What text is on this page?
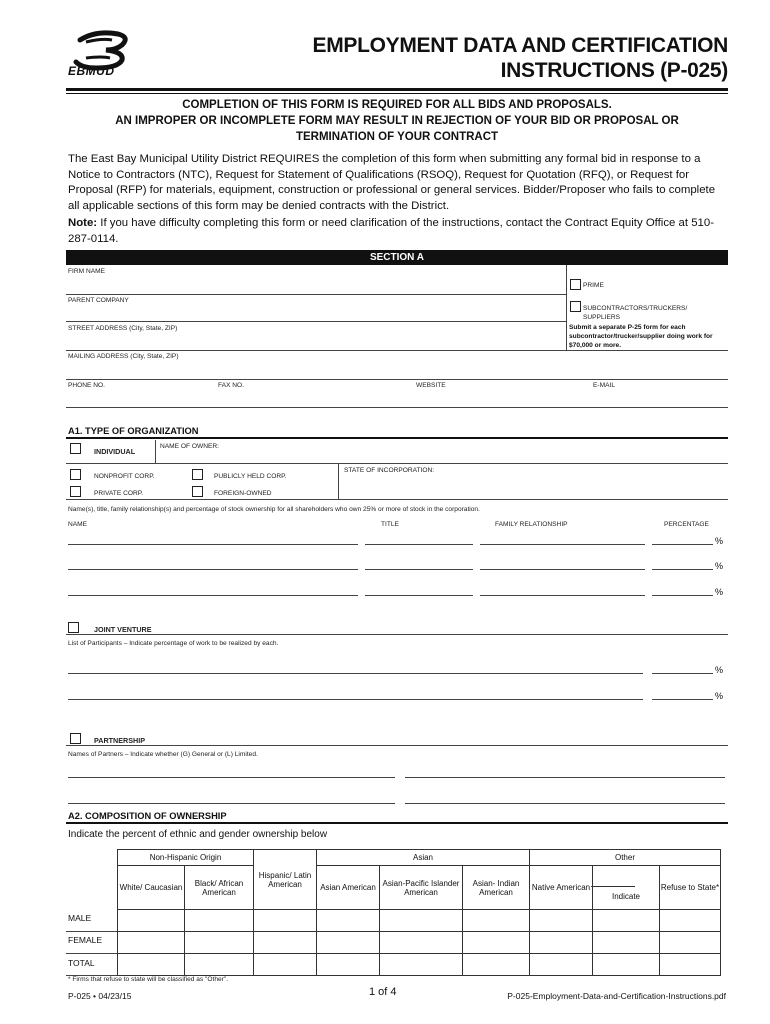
EBMUD
EMPLOYMENT DATA AND CERTIFICATION
INSTRUCTIONS (P-025)
COMPLETION OF THIS FORM IS REQUIRED FOR ALL BIDS AND PROPOSALS.
AN IMPROPER OR INCOMPLETE FORM MAY RESULT IN REJECTION OF YOUR BID OR PROPOSAL OR
TERMINATION OF YOUR CONTRACT
The East Bay Municipal Utility District REQUIRES the completion of this form when submitting any formal bid in response to a Notice to Contractors (NTC), Request for Statement of Qualifications (RSOQ), Request for Quotation (RFQ), or Request for Proposal (RFP) for materials, equipment, construction or professional or general services. Bidder/Proposer who fails to complete all applicable sections of this form may be denied contracts with the District.
Note: If you have difficulty completing this form or need clarification of the instructions, contact the Contract Equity Office at 510-287-0114.
SECTION A
FIRM NAME
PARENT COMPANY
STREET ADDRESS (City, State, ZIP)
PRIME
SUBCONTRACTORS/TRUCKERS/
SUPPLIERS
Submit a separate P-25 form for each subcontractor/trucker/supplier doing work for $70,000 or more.
MAILING ADDRESS (City, State, ZIP)
PHONE NO.	FAX NO.	WEBSITE	E-MAIL
A1. TYPE OF ORGANIZATION
INDIVIDUAL
NAME OF OWNER:
NONPROFIT CORP.	PUBLICLY HELD CORP.
STATE OF INCORPORATION:
PRIVATE CORP.	FOREIGN-OWNED
Name(s), title, family relationship(s) and percentage of stock ownership for all shareholders who own 25% or more of stock in the corporation.
NAME	TITLE	FAMILY RELATIONSHIP	PERCENTAGE
%
%
%
JOINT VENTURE
List of Participants – Indicate percentage of work to be realized by each.
%
%
PARTNERSHIP
Names of Partners – Indicate whether (G) General or (L) Limited.
A2. COMPOSITION OF OWNERSHIP
Indicate the percent of ethnic and gender ownership below
Non-Hispanic Origin		Hispanic/ Latin American	Asian			Other		
White/ Caucasian	Black/ African American		Asian American	Asian-Pacific Islander American	Asian- Indian American	Native American	Indicate	Refuse to State*

MALE
FEMALE
TOTAL
* Firms that refuse to state will be classified as "Other".
P-025 • 04/23/15	1 of 4	P-025-Employment-Data-and-Certification-Instructions.pdf
